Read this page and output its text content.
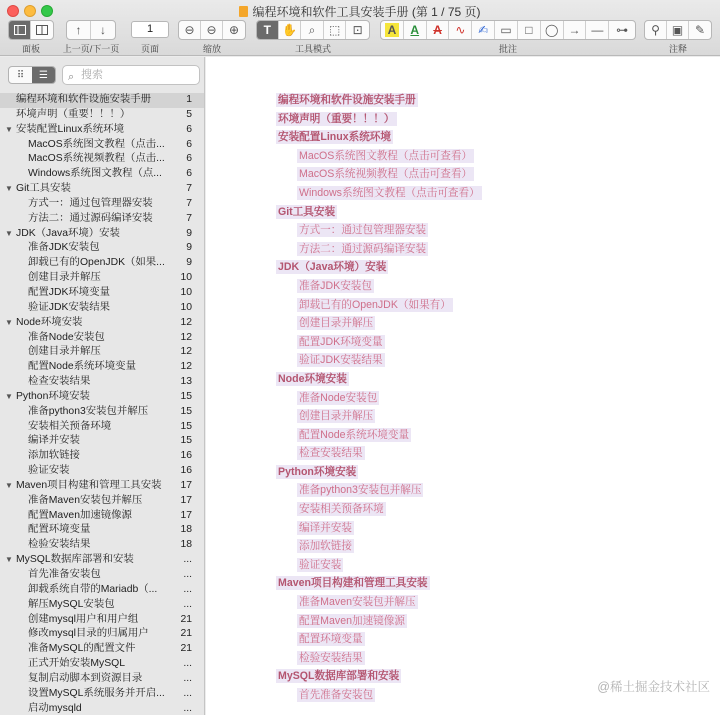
编程环境和软件工具安装手册 (第 1 / 75 页)
面板
↑	↓
上一页/下一页
1
页面
⊖ ⊖	⊕
缩放
T ✋ ⌕	⬚	⊡
工具模式
A	A	A	∿	✍	▭	□	◯ → —	⊶
批注
⚲ ▣ ✎
注释
⠿	☰	⌕ 搜索
编程环境和软件设施安装手册	1
环境声明（重要！！！）	5
▼ 安装配置Linux系统环境	6
MacOS系统图文教程（点击...	6
MacOS系统视频教程（点击...	6
Windows系统图文教程（点...	6
▼ Git工具安装	7
方式一：通过包管理器安装	7
方法二：通过源码编译安装	7
▼ JDK（Java环境）安装	9
准备JDK安装包	9
卸载已有的OpenJDK（如果...	9
创建目录并解压	10
配置JDK环境变量	10
验证JDK安装结果	10
▼ Node环境安装	12
准备Node安装包	12
创建目录并解压	12
配置Node系统环境变量	12
检查安装结果	13
▼ Python环境安装	15
准备python3安装包并解压	15
安装相关预备环境	15
编译并安装	15
添加软链接	16
验证安装	16
▼ Maven项目构建和管理工具安装	17
准备Maven安装包并解压	17
配置Maven加速镜像源	17
配置环境变量	18
检验安装结果	18
▼ MySQL数据库部署和安装	...
首先准备安装包	...
卸载系统自带的Mariadb（...	...
解压MySQL安装包	...
创建mysql用户和用户组	21
修改mysql目录的归属用户	21
准备MySQL的配置文件	21
正式开始安装MySQL	...
复制启动脚本到资源目录	...
设置MySQL系统服务并开启...	...
启动mysqld	...
编程环境和软件设施安装手册
环境声明（重要！！！）
安装配置Linux系统环境
MacOS系统图文教程（点击可查看）
MacOS系统视频教程（点击可查看）
Windows系统图文教程（点击可查看）
Git工具安装
方式一：通过包管理器安装
方法二：通过源码编译安装
JDK（Java环境）安装
准备JDK安装包
卸载已有的OpenJDK（如果有）
创建目录并解压
配置JDK环境变量
验证JDK安装结果
Node环境安装
准备Node安装包
创建目录并解压
配置Node系统环境变量
检查安装结果
Python环境安装
准备python3安装包并解压
安装相关预备环境
编译并安装
添加软链接
验证安装
Maven项目构建和管理工具安装
准备Maven安装包并解压
配置Maven加速镜像源
配置环境变量
检验安装结果
MySQL数据库部署和安装
首先准备安装包
@稀土掘金技术社区
